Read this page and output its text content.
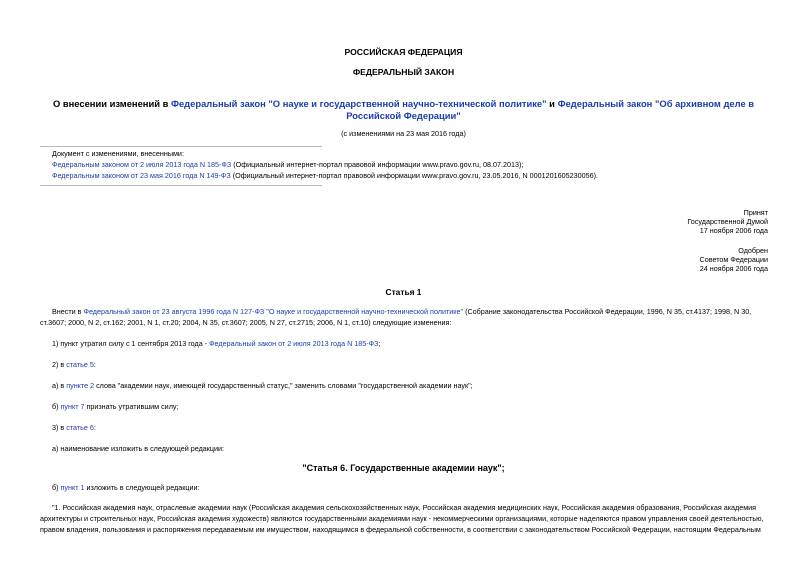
РОССИЙСКАЯ ФЕДЕРАЦИЯ
ФЕДЕРАЛЬНЫЙ ЗАКОН
О внесении изменений в Федеральный закон "О науке и государственной научно-технической политике" и Федеральный закон "Об архивном деле в Российской Федерации"
(с изменениями на 23 мая 2016 года)
Документ с изменениями, внесенными:
Федеральным законом от 2 июля 2013 года N 185-ФЗ (Официальный интернет-портал правовой информации www.pravo.gov.ru, 08.07.2013);
Федеральным законом от 23 мая 2016 года N 149-ФЗ (Официальный интернет-портал правовой информации www.pravo.gov.ru, 23.05.2016, N 0001201605230056).
Принят
Государственной Думой
17 ноября 2006 года
Одобрен
Советом Федерации
24 ноября 2006 года
Статья 1
Внести в Федеральный закон от 23 августа 1996 года N 127-ФЗ "О науке и государственной научно-технической политике" (Собрание законодательства Российской Федерации, 1996, N 35, ст.4137; 1998, N 30,
ст.3607; 2000, N 2, ст.162; 2001, N 1, ст.20; 2004, N 35, ст.3607; 2005, N 27, ст.2715; 2006, N 1, ст.10) следующие изменения:
1) пункт утратил силу с 1 сентября 2013 года - Федеральный закон от 2 июля 2013 года N 185-ФЗ;
2) в статье 5:
а) в пункте 2 слова "академии наук, имеющей государственный статус," заменить словами "государственной академии наук";
б) пункт 7 признать утратившим силу;
3) в статье 6:
а) наименование изложить в следующей редакции:
"Статья 6. Государственные академии наук";
б) пункт 1 изложить в следующей редакции:
"1. Российская академия наук, отраслевые академии наук (Российская академия сельскохозяйственных наук, Российская академия медицинских наук, Российская академия образования, Российская академия
архитектуры и строительных наук, Российская академия художеств) являются государственными академиями наук - некоммерческими организациями, которые наделяются правом управления своей деятельностью,
правом владения, пользования и распоряжения передаваемым им имуществом, находящимся в федеральной собственности, в соответствии с законодательством Российской Федерации, настоящим Федеральным
